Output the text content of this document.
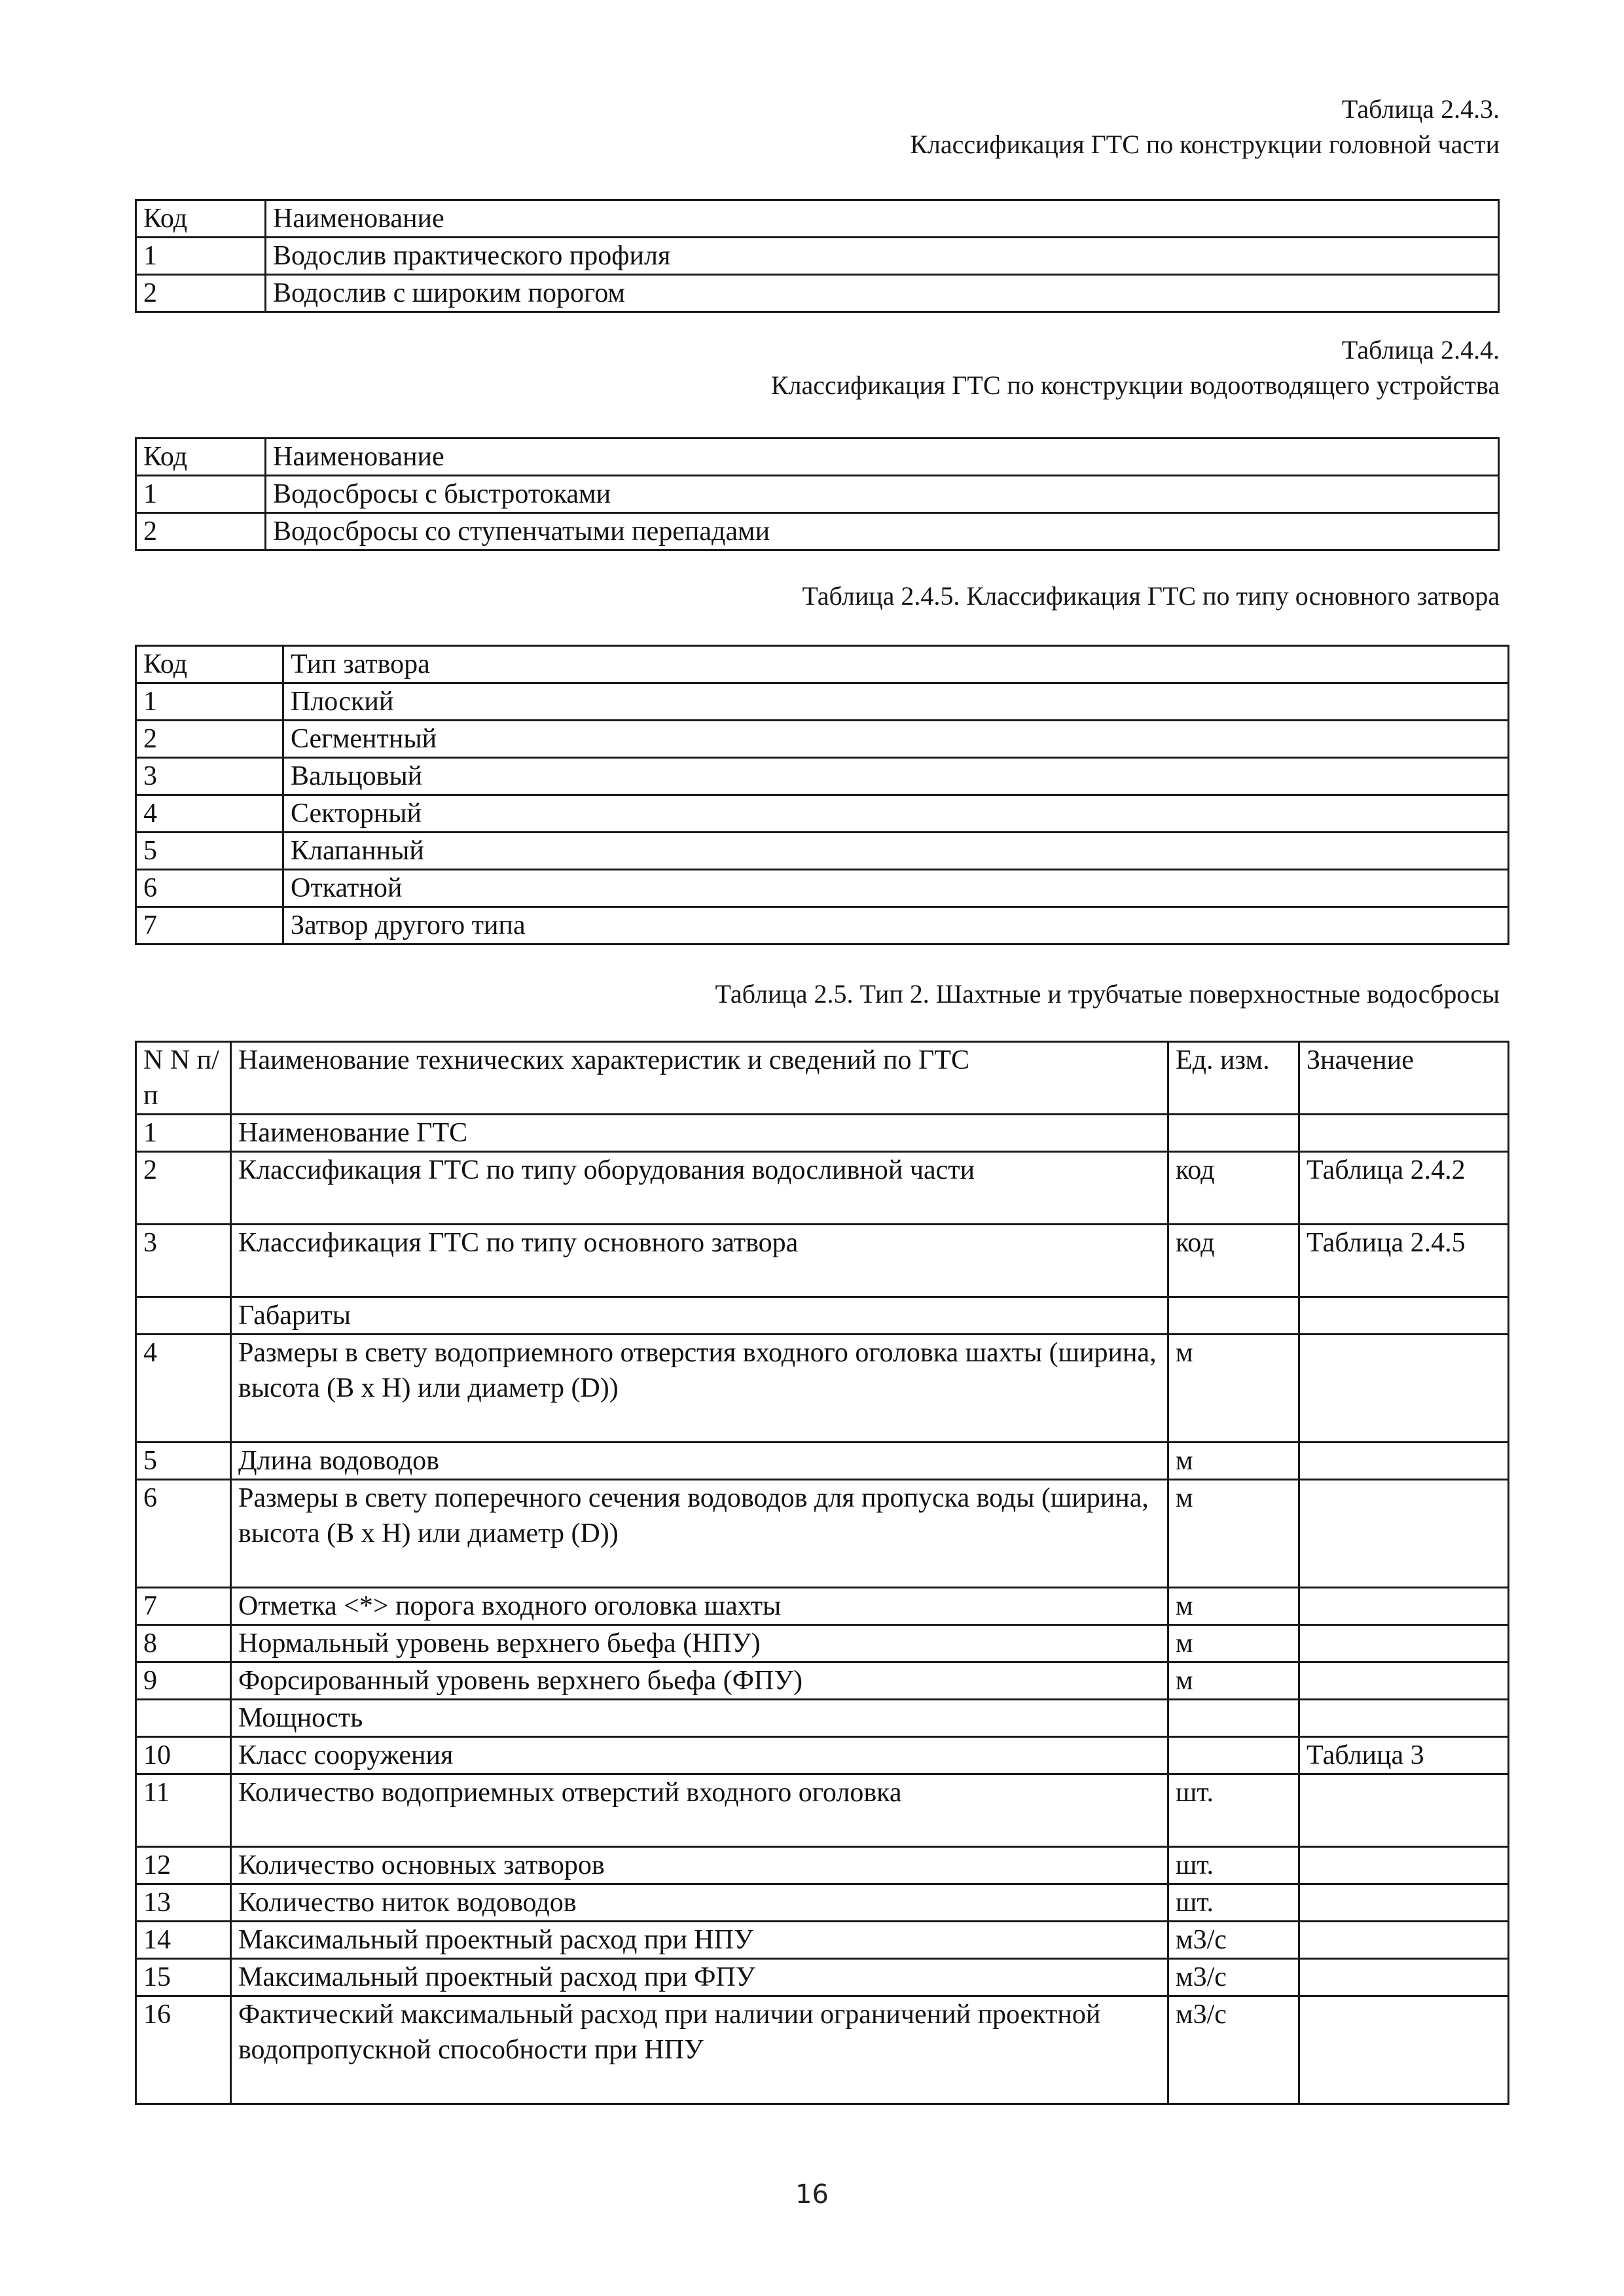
Таблица 2.4.3.
Классификация ГТС по конструкции головной части
Код	Наименование
1	Водослив практического профиля
2	Водослив с широким порогом
Таблица 2.4.4.
Классификация ГТС по конструкции водоотводящего устройства
Код	Наименование
1	Водосбросы с быстротоками
2	Водосбросы со ступенчатыми перепадами
Таблица 2.4.5. Классификация ГТС по типу основного затвора
Код	Тип затвора
1	Плоский
2	Сегментный
3	Вальцовый
4	Секторный
5	Клапанный
6	Откатной
7	Затвор другого типа
Таблица 2.5. Тип 2. Шахтные и трубчатые поверхностные водосбросы
N N п/п	Наименование технических характеристик и сведений по ГТС	Ед. изм.	Значение
1	Наименование ГТС		
2	Классификация ГТС по типу оборудования водосливной части	код	Таблица 2.4.2
3	Классификация ГТС по типу основного затвора	код	Таблица 2.4.5
	Габариты		
4	Размеры в свету водоприемного отверстия входного оголовка шахты (ширина, высота (B x H) или диаметр (D))	м	
5	Длина водоводов	м	
6	Размеры в свету поперечного сечения водоводов для пропуска воды (ширина, высота (B x H) или диаметр (D))	м	
7	Отметка <*> порога входного оголовка шахты	м	
8	Нормальный уровень верхнего бьефа (НПУ)	м	
9	Форсированный уровень верхнего бьефа (ФПУ)	м	
	Мощность		
10	Класс сооружения		Таблица 3
11	Количество водоприемных отверстий входного оголовка	шт.	
12	Количество основных затворов	шт.	
13	Количество ниток водоводов	шт.	
14	Максимальный проектный расход при НПУ	м3/с	
15	Максимальный проектный расход при ФПУ	м3/с	
16	Фактический максимальный расход при наличии ограничений проектной водопропускной способности при НПУ	м3/с	
16
